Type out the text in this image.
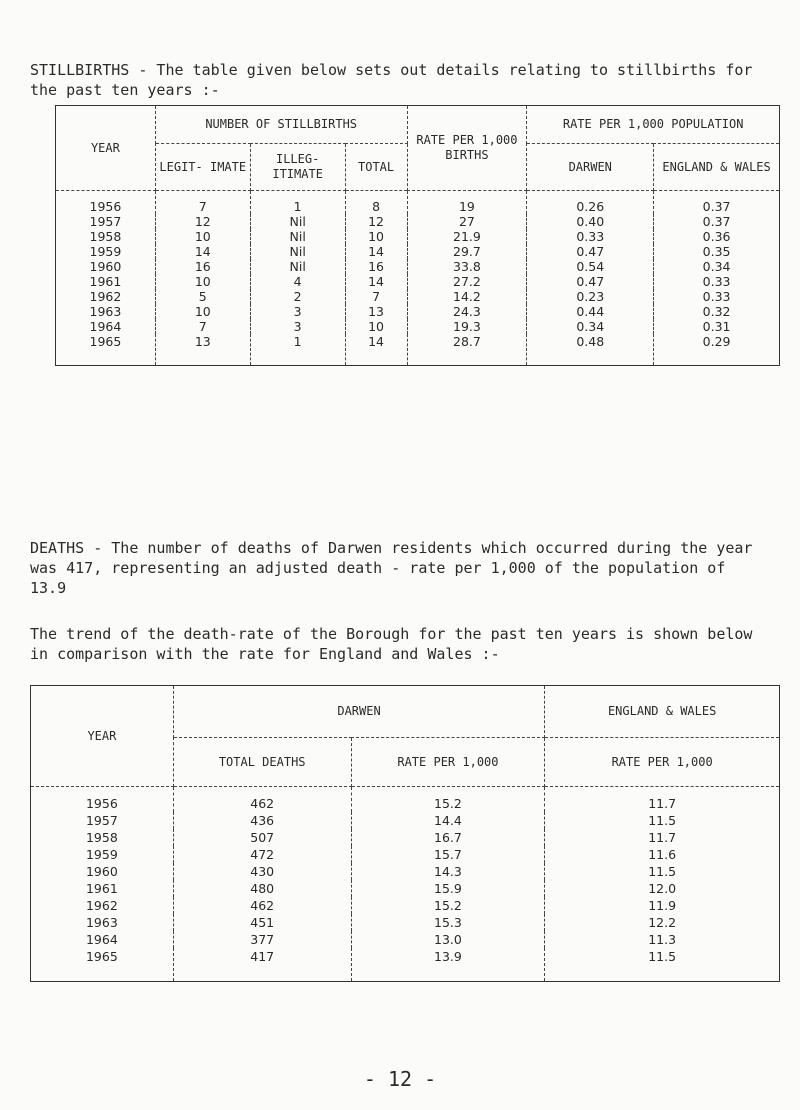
STILLBIRTHS - The table given below sets out details relating to stillbirths for the past ten years :-
YEAR	NUMBER OF STILLBIRTHS			RATE PER 1,000 BIRTHS	RATE PER 1,000 POPULATION	
	LEGIT- IMATE	ILLEG- ITIMATE	TOTAL		DARWEN	ENGLAND & WALES
1956	7	1	8	19	0.26	0.37
1957	12	Nil	12	27	0.40	0.37
1958	10	Nil	10	21.9	0.33	0.36
1959	14	Nil	14	29.7	0.47	0.35
1960	16	Nil	16	33.8	0.54	0.34
1961	10	4	14	27.2	0.47	0.33
1962	5	2	7	14.2	0.23	0.33
1963	10	3	13	24.3	0.44	0.32
1964	7	3	10	19.3	0.34	0.31
1965	13	1	14	28.7	0.48	0.29
DEATHS - The number of deaths of Darwen residents which occurred during the year was 417, representing an adjusted death - rate per 1,000 of the population of 13.9
The trend of the death-rate of the Borough for the past ten years is shown below in comparison with the rate for England and Wales :-
YEAR	DARWEN		ENGLAND & WALES
	TOTAL DEATHS	RATE PER 1,000	RATE PER 1,000
1956	462	15.2	11.7
1957	436	14.4	11.5
1958	507	16.7	11.7
1959	472	15.7	11.6
1960	430	14.3	11.5
1961	480	15.9	12.0
1962	462	15.2	11.9
1963	451	15.3	12.2
1964	377	13.0	11.3
1965	417	13.9	11.5
- 12 -
